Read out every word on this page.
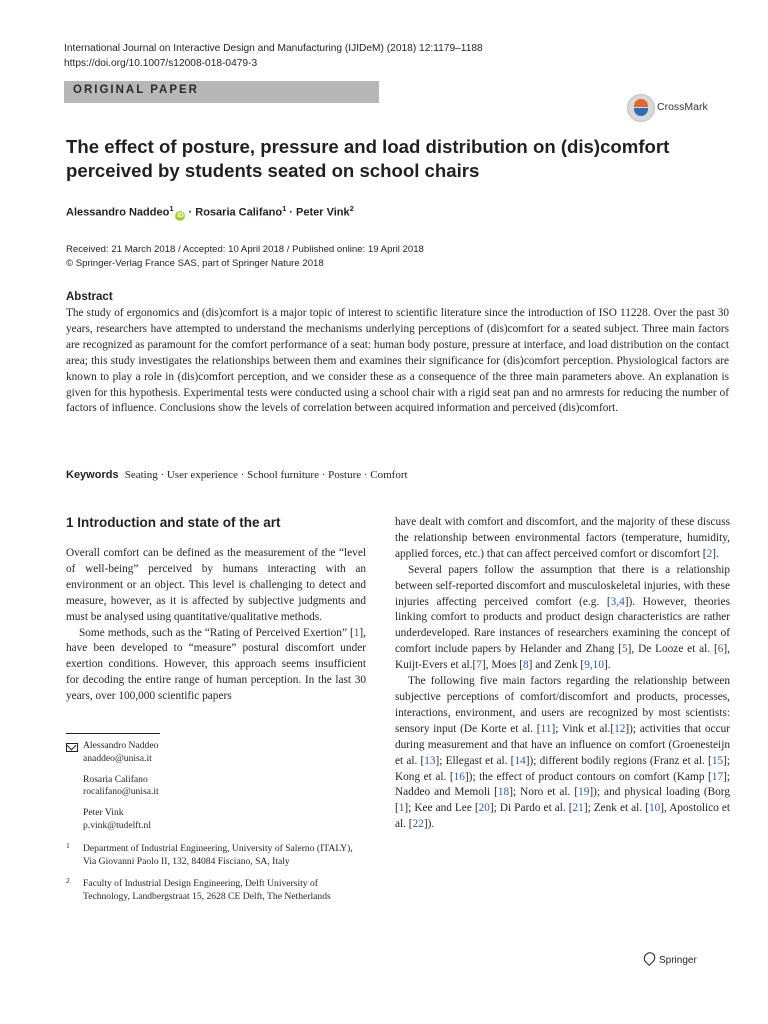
International Journal on Interactive Design and Manufacturing (IJIDeM) (2018) 12:1179–1188
https://doi.org/10.1007/s12008-018-0479-3
ORIGINAL PAPER
CrossMark
The effect of posture, pressure and load distribution on (dis)comfort perceived by students seated on school chairs
Alessandro Naddeo$^1$iD · Rosaria Califano$^1$ · Peter Vink$^2$
Received: 21 March 2018 / Accepted: 10 April 2018 / Published online: 19 April 2018
© Springer-Verlag France SAS, part of Springer Nature 2018
Abstract
The study of ergonomics and (dis)comfort is a major topic of interest to scientific literature since the introduction of ISO 11228. Over the past 30 years, researchers have attempted to understand the mechanisms underlying perceptions of (dis)comfort for a seated subject. Three main factors are recognized as paramount for the comfort performance of a seat: human body posture, pressure at interface, and load distribution on the contact area; this study investigates the relationships between them and examines their significance for (dis)comfort perception. Physiological factors are known to play a role in (dis)comfort perception, and we consider these as a consequence of the three main parameters above. An explanation is given for this hypothesis. Experimental tests were conducted using a school chair with a rigid seat pan and no armrests for reducing the number of factors of influence. Conclusions show the levels of correlation between acquired information and perceived (dis)comfort.
Keywords Seating · User experience · School furniture · Posture · Comfort
1 Introduction and state of the art

Overall comfort can be defined as the measurement of the “level of well-being” perceived by humans interacting with an environment or an object. This level is challenging to detect and measure, however, as it is affected by subjective judgments and must be analysed using quantitative/qualitative methods.

Some methods, such as the “Rating of Perceived Exertion” [1], have been developed to “measure” postural discomfort under exertion conditions. However, this approach seems insufficient for decoding the entire range of human perception. In the last 30 years, over 100,000 scientific papers

Alessandro Naddeo
anaddeo@unisa.it
Rosaria Califano
rocalifano@unisa.it
Peter Vink
p.vink@tudelft.nl
1 Department of Industrial Engineering, University of Salerno (ITALY), Via Giovanni Paolo II, 132, 84084 Fisciano, SA, Italy
2 Faculty of Industrial Design Engineering, Delft University of Technology, Landbergstraat 15, 2628 CE Delft, The Netherlands

have dealt with comfort and discomfort, and the majority of these discuss the relationship between environmental factors (temperature, humidity, applied forces, etc.) that can affect perceived comfort or discomfort [2].

Several papers follow the assumption that there is a relationship between self-reported discomfort and musculoskeletal injuries, with these injuries affecting perceived comfort (e.g. [3,4]). However, theories linking comfort to products and product design characteristics are rather underdeveloped. Rare instances of researchers examining the concept of comfort include papers by Helander and Zhang [5], De Looze et al. [6], Kuijt-Evers et al.[7], Moes [8] and Zenk [9,10].

The following five main factors regarding the relationship between subjective perceptions of comfort/discomfort and products, processes, interactions, environment, and users are recognized by most scientists: sensory input (De Korte et al. [11]; Vink et al.[12]); activities that occur during measurement and that have an influence on comfort (Groenesteijn et al. [13]; Ellegast et al. [14]); different bodily regions (Franz et al. [15]; Kong et al. [16]); the effect of product contours on comfort (Kamp [17]; Naddeo and Memoli [18]; Noro et al. [19]); and physical loading (Borg [1]; Kee and Lee [20]; Di Pardo et al. [21]; Zenk et al. [10], Apostolico et al. [22]).

Springer
